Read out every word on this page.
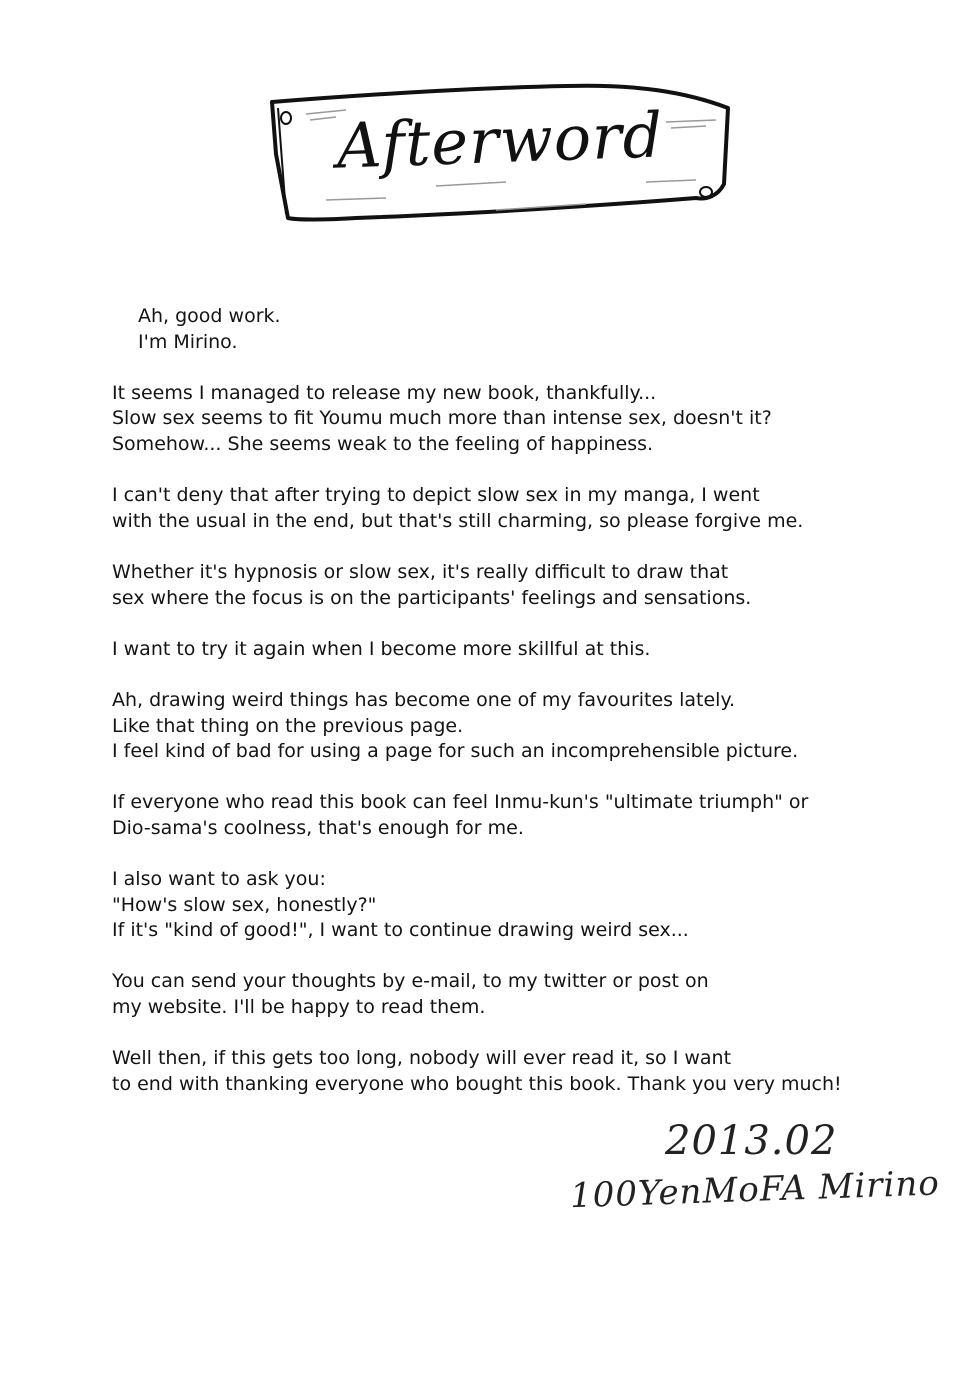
Afterword

Ah, good work.
I'm Mirino.

It seems I managed to release my new book, thankfully...
Slow sex seems to fit Youmu much more than intense sex, doesn't it?
Somehow... She seems weak to the feeling of happiness.

I can't deny that after trying to depict slow sex in my manga, I went
with the usual in the end, but that's still charming, so please forgive me.

Whether it's hypnosis or slow sex, it's really difficult to draw that
sex where the focus is on the participants' feelings and sensations.

I want to try it again when I become more skillful at this.

Ah, drawing weird things has become one of my favourites lately.
Like that thing on the previous page.
I feel kind of bad for using a page for such an incomprehensible picture.

If everyone who read this book can feel Inmu-kun's "ultimate triumph" or
Dio-sama's coolness, that's enough for me.

I also want to ask you:
"How's slow sex, honestly?"
If it's "kind of good!", I want to continue drawing weird sex...

You can send your thoughts by e-mail, to my twitter or post on
my website. I'll be happy to read them.

Well then, if this gets too long, nobody will ever read it, so I want
to end with thanking everyone who bought this book. Thank you very much!

2013.02
100YenMoFA Mirino
